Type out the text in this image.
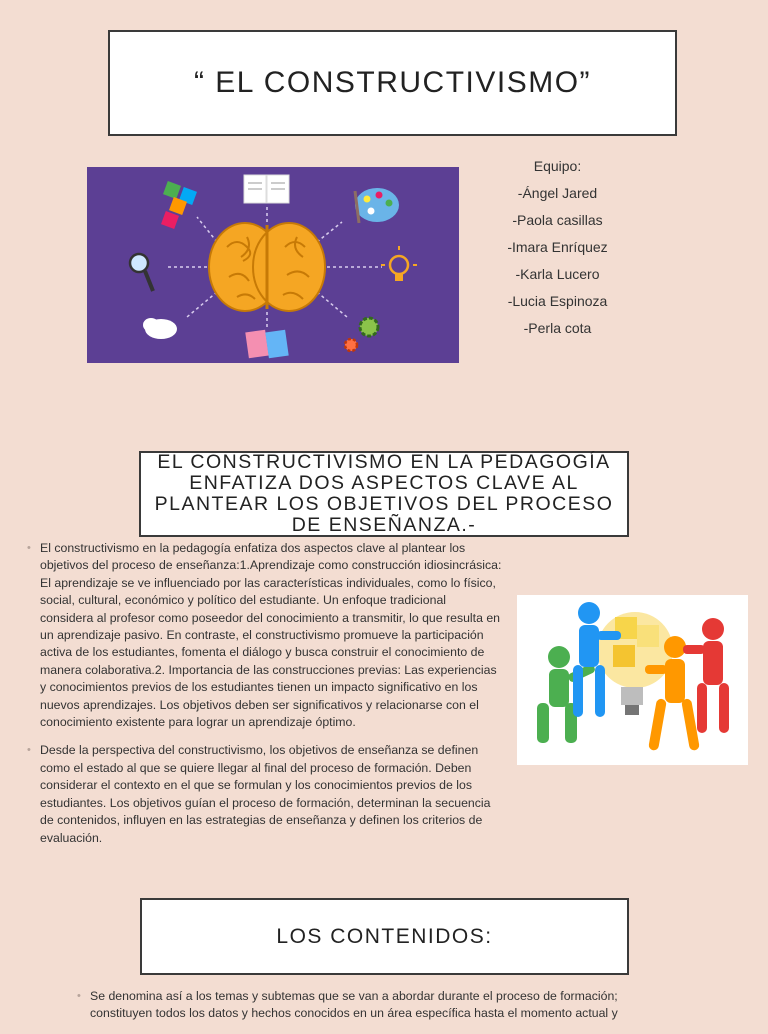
“ EL CONSTRUCTIVISMO”
Equipo:
-Ángel Jared
-Paola casillas
-Imara Enríquez
-Karla Lucero
-Lucia Espinoza
-Perla cota
EL CONSTRUCTIVISMO EN LA PEDAGOGÍA ENFATIZA DOS ASPECTOS CLAVE AL PLANTEAR LOS OBJETIVOS DEL PROCESO DE ENSEÑANZA.-
• El constructivismo en la pedagogía enfatiza dos aspectos clave al plantear los objetivos del proceso de enseñanza:1.Aprendizaje como construcción idiosincrásica: El aprendizaje se ve influenciado por las características individuales, como lo físico, social, cultural, económico y político del estudiante. Un enfoque tradicional considera al profesor como poseedor del conocimiento a transmitir, lo que resulta en un aprendizaje pasivo. En contraste, el constructivismo promueve la participación activa de los estudiantes, fomenta el diálogo y busca construir el conocimiento de manera colaborativa.2. Importancia de las construcciones previas: Las experiencias y conocimientos previos de los estudiantes tienen un impacto significativo en los nuevos aprendizajes. Los objetivos deben ser significativos y relacionarse con el conocimiento existente para lograr un aprendizaje óptimo.
• Desde la perspectiva del constructivismo, los objetivos de enseñanza se definen como el estado al que se quiere llegar al final del proceso de formación. Deben considerar el contexto en el que se formulan y los conocimientos previos de los estudiantes. Los objetivos guían el proceso de formación, determinan la secuencia de contenidos, influyen en las estrategias de enseñanza y definen los criterios de evaluación.
LOS CONTENIDOS:
• Se denomina así a los temas y subtemas que se van a abordar durante el proceso de formación; constituyen todos los datos y hechos conocidos en un área específica hasta el momento actual y
